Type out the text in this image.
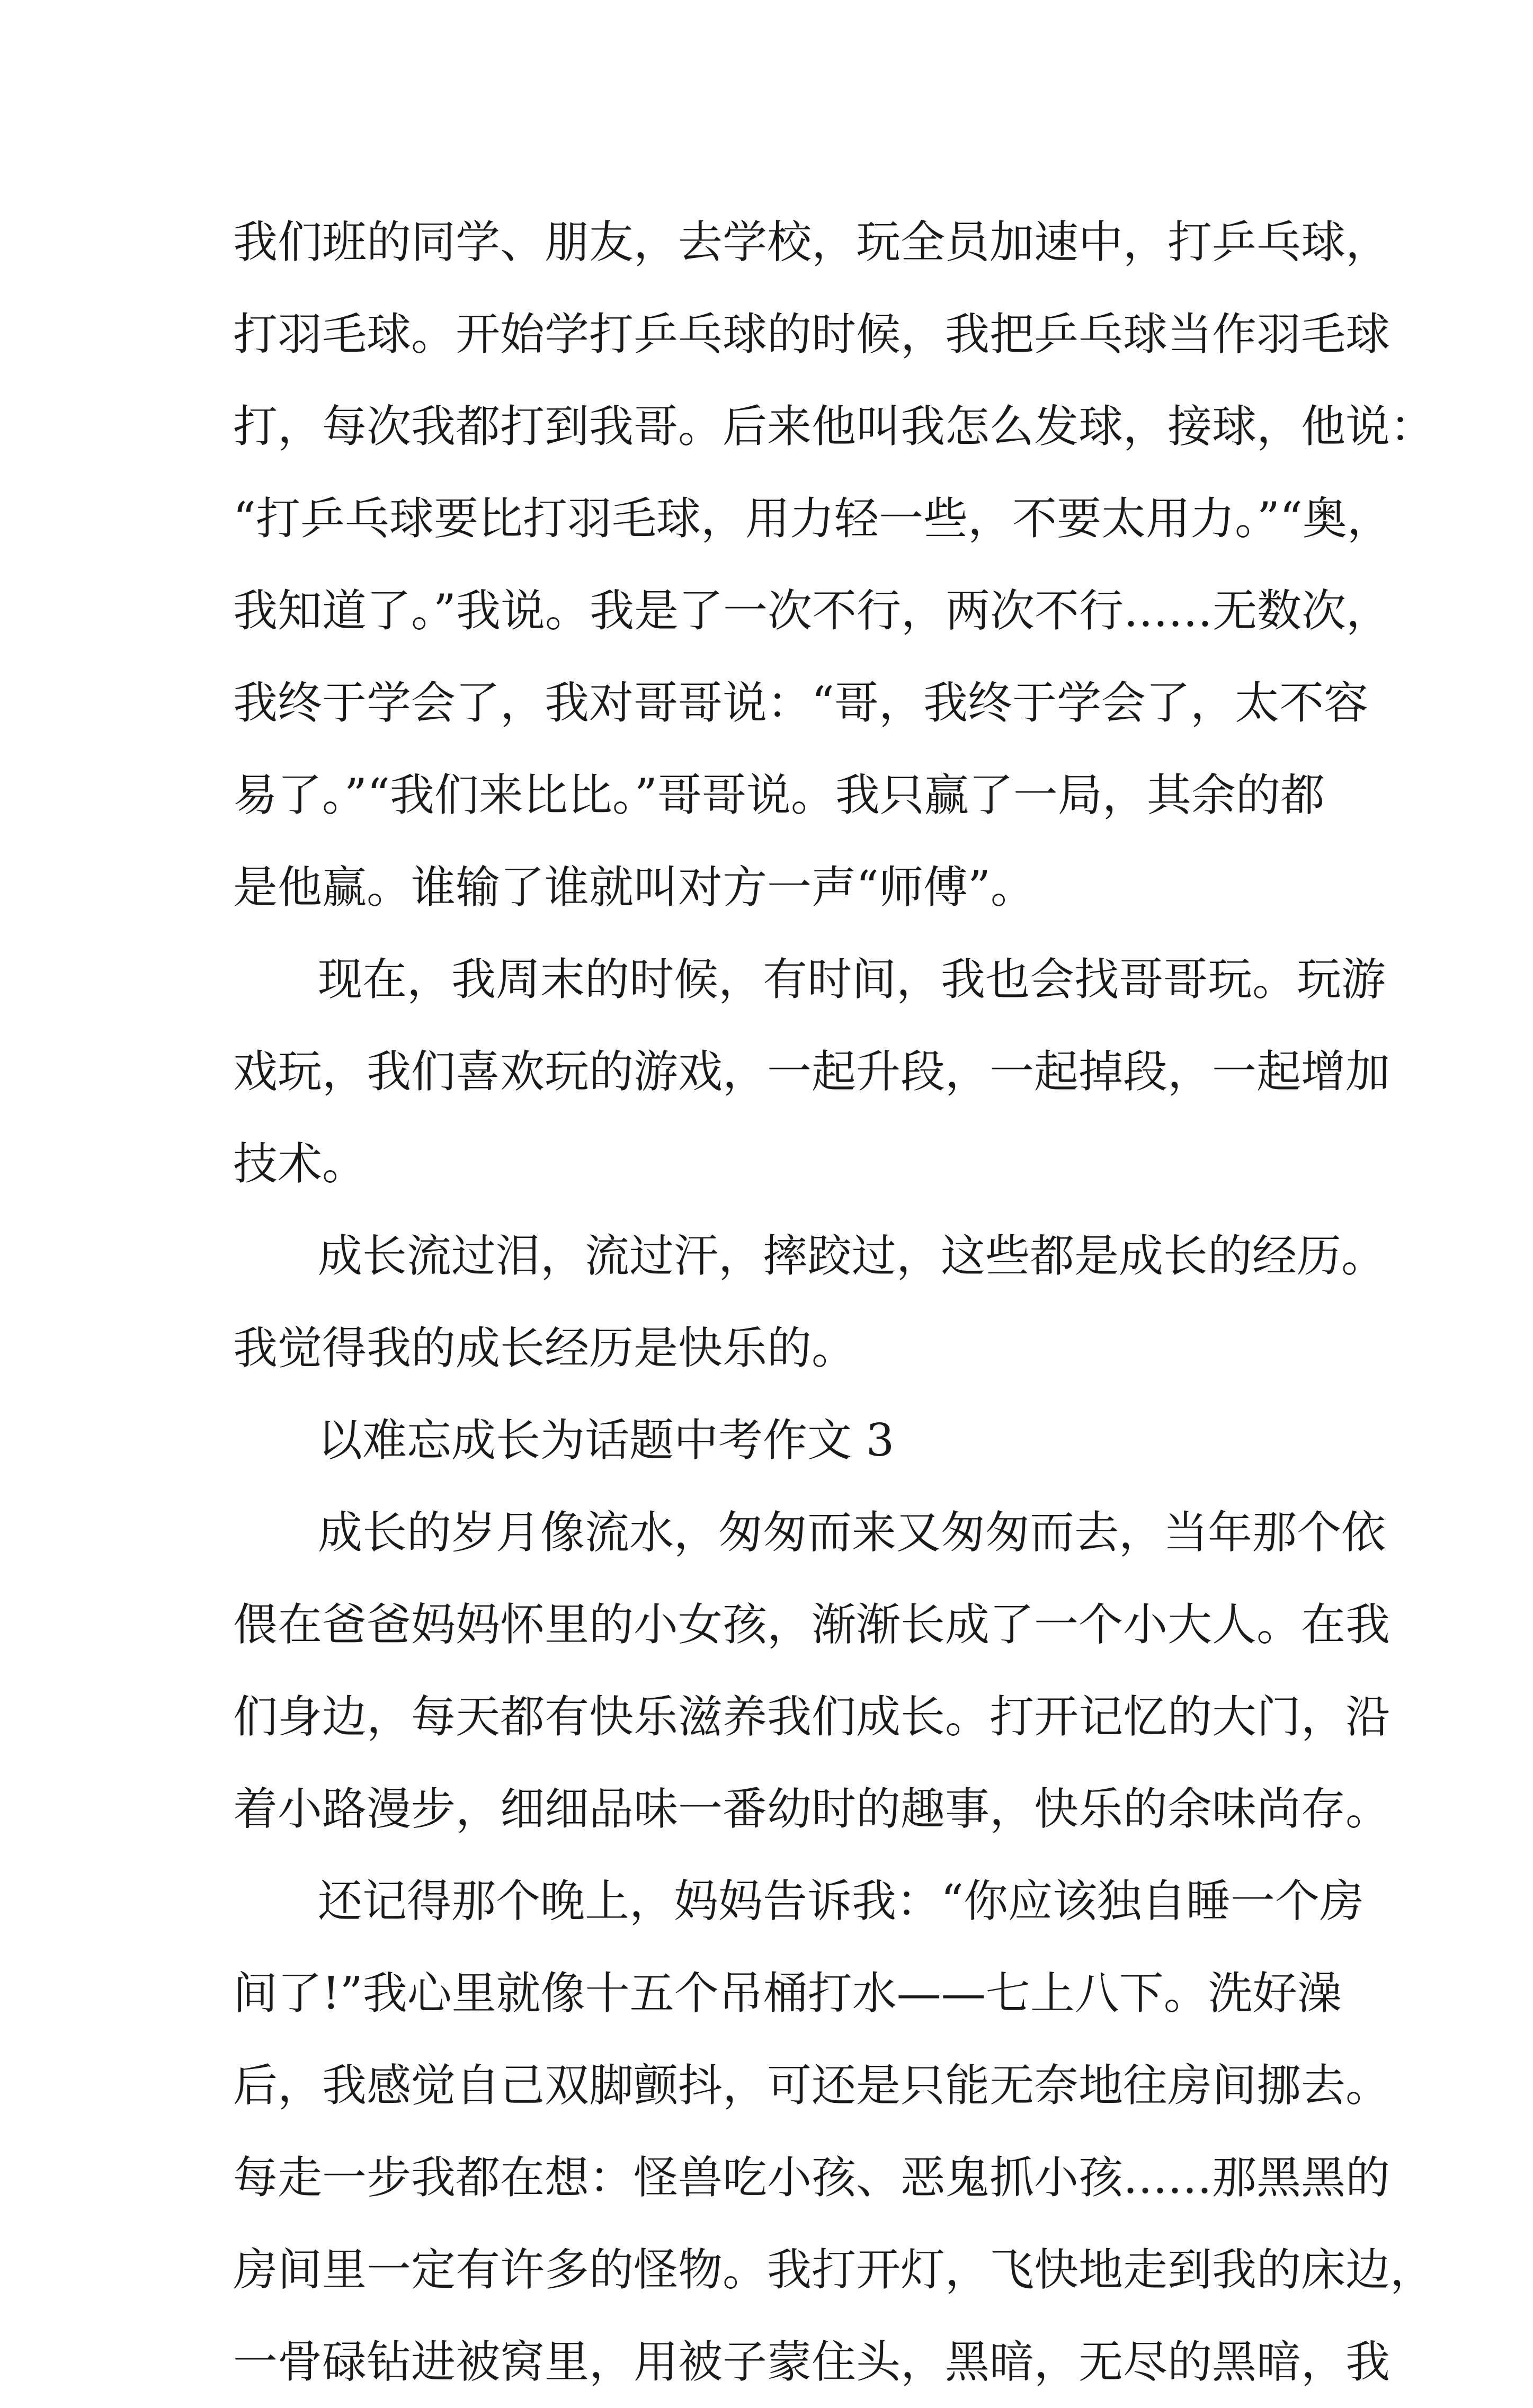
我们班的同学、朋友，去学校，玩全员加速中，打乒乓球，
打羽毛球。开始学打乒乓球的时候，我把乒乓球当作羽毛球
打，每次我都打到我哥。后来他叫我怎么发球，接球，他说：
“打乒乓球要比打羽毛球，用力轻一些，不要太用力。”“奥，
我知道了。”我说。我是了一次不行，两次不行……无数次，
我终于学会了，我对哥哥说：“哥，我终于学会了，太不容
易了。”“我们来比比。”哥哥说。我只赢了一局，其余的都
是他赢。谁输了谁就叫对方一声“师傅”。
现在，我周末的时候，有时间，我也会找哥哥玩。玩游
戏玩，我们喜欢玩的游戏，一起升段，一起掉段，一起增加
技术。
成长流过泪，流过汗，摔跤过，这些都是成长的经历。
我觉得我的成长经历是快乐的。
以难忘成长为话题中考作文 3
成长的岁月像流水，匆匆而来又匆匆而去，当年那个依
偎在爸爸妈妈怀里的小女孩，渐渐长成了一个小大人。在我
们身边，每天都有快乐滋养我们成长。打开记忆的大门，沿
着小路漫步，细细品味一番幼时的趣事，快乐的余味尚存。
还记得那个晚上，妈妈告诉我：“你应该独自睡一个房
间了!”我心里就像十五个吊桶打水——七上八下。洗好澡
后，我感觉自己双脚颤抖，可还是只能无奈地往房间挪去。
每走一步我都在想：怪兽吃小孩、恶鬼抓小孩……那黑黑的
房间里一定有许多的怪物。我打开灯，飞快地走到我的床边，
一骨碌钻进被窝里，用被子蒙住头，黑暗，无尽的黑暗，我
